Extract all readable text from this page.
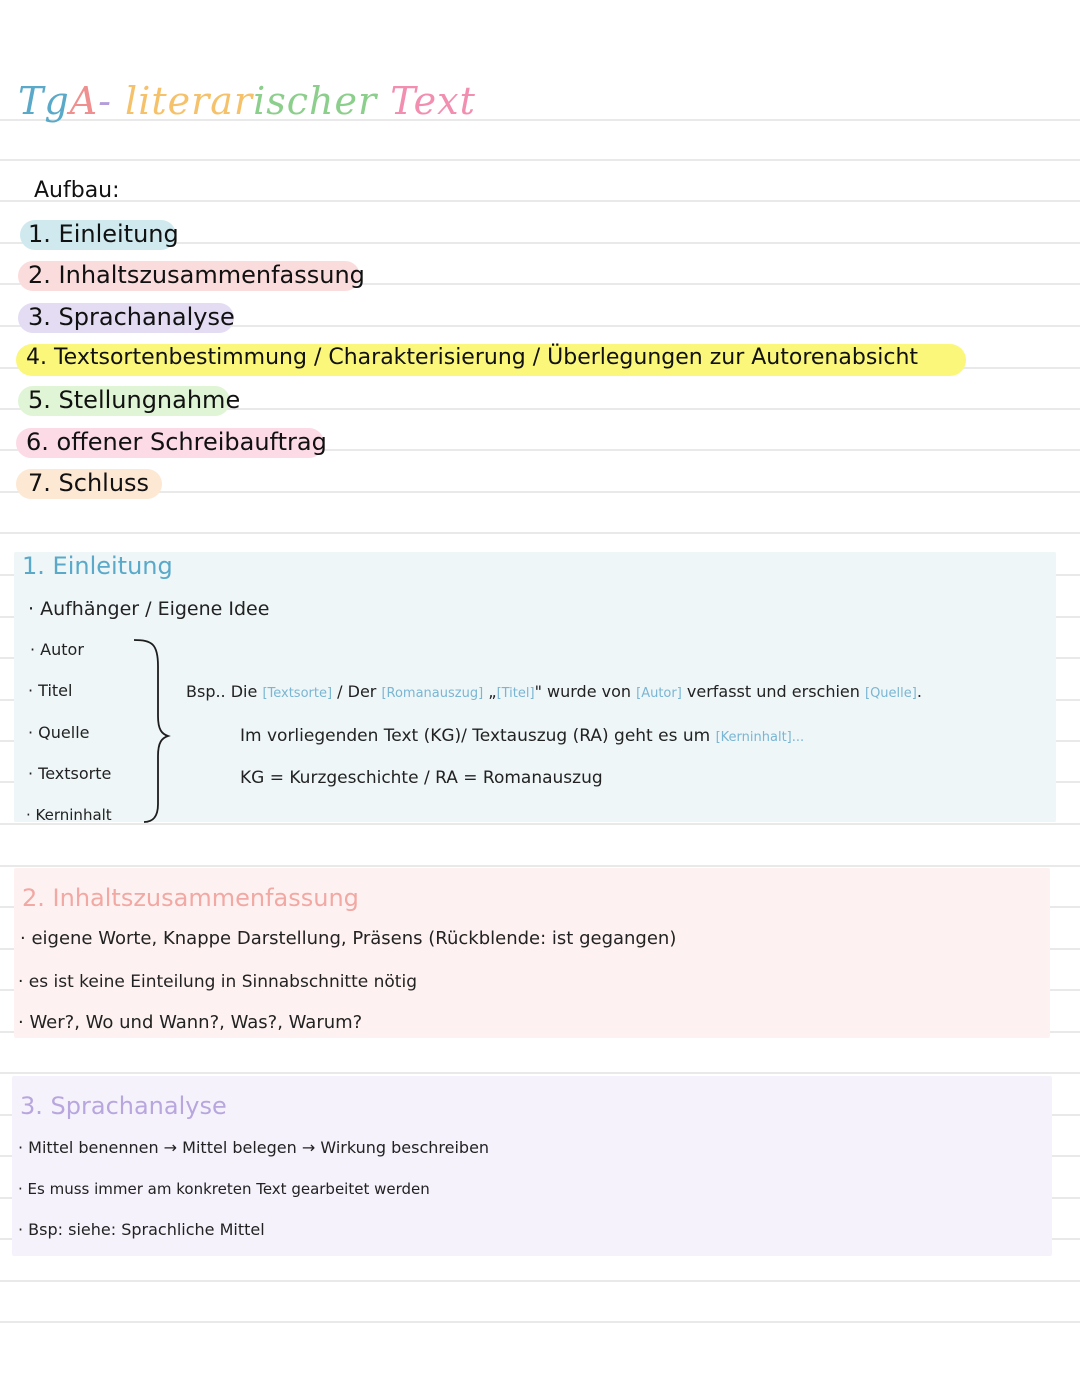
TgA- literarischer Text
Aufbau:
1. Einleitung
2. Inhaltszusammenfassung
3. Sprachanalyse
4. Textsortenbestimmung / Charakterisierung / Überlegungen zur Autorenabsicht
5. Stellungnahme
6. offener Schreibauftrag
7. Schluss
1. Einleitung
· Aufhänger / Eigene Idee
· Autor
· Titel
· Quelle
· Textsorte
· Kerninhalt
Bsp.. Die [Textsorte] / Der [Romanauszug] „[Titel]" wurde von [Autor] verfasst und erschien [Quelle].
Im vorliegenden Text (KG)/ Textauszug (RA) geht es um [Kerninhalt]...
KG = Kurzgeschichte / RA = Romanauszug
2. Inhaltszusammenfassung
· eigene Worte, Knappe Darstellung, Präsens (Rückblende: ist gegangen)
· es ist keine Einteilung in Sinnabschnitte nötig
· Wer?, Wo und Wann?, Was?, Warum?
3. Sprachanalyse
· Mittel benennen → Mittel belegen → Wirkung beschreiben
· Es muss immer am konkreten Text gearbeitet werden
· Bsp: siehe: Sprachliche Mittel
